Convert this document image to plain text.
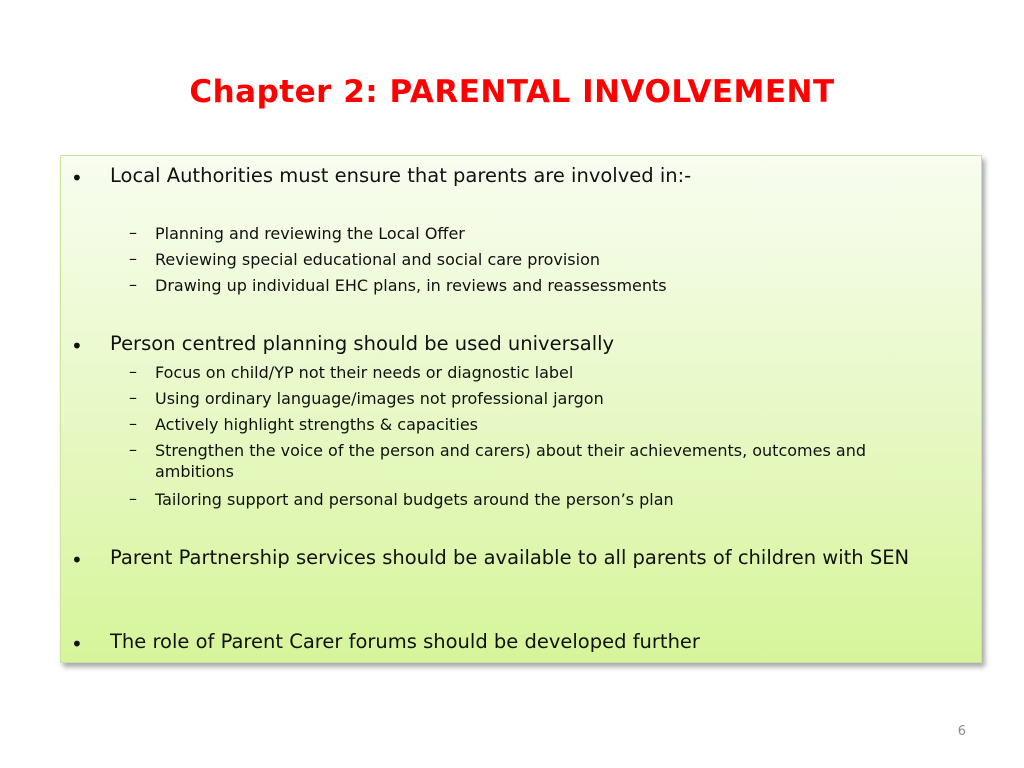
Chapter 2: PARENTAL INVOLVEMENT
• Local Authorities must ensure that parents are involved in:-
– Planning and reviewing the Local Offer
– Reviewing special educational and social care provision
– Drawing up individual EHC plans, in reviews and reassessments
• Person centred planning should be used universally
– Focus on child/YP not their needs or diagnostic label
– Using ordinary language/images not professional jargon
– Actively highlight strengths & capacities
– Strengthen the voice of the person and carers) about their achievements, outcomes and ambitions
– Tailoring support and personal budgets around the person’s plan
• Parent Partnership services should be available to all parents of children with SEN
• The role of Parent Carer forums should be developed further
6
